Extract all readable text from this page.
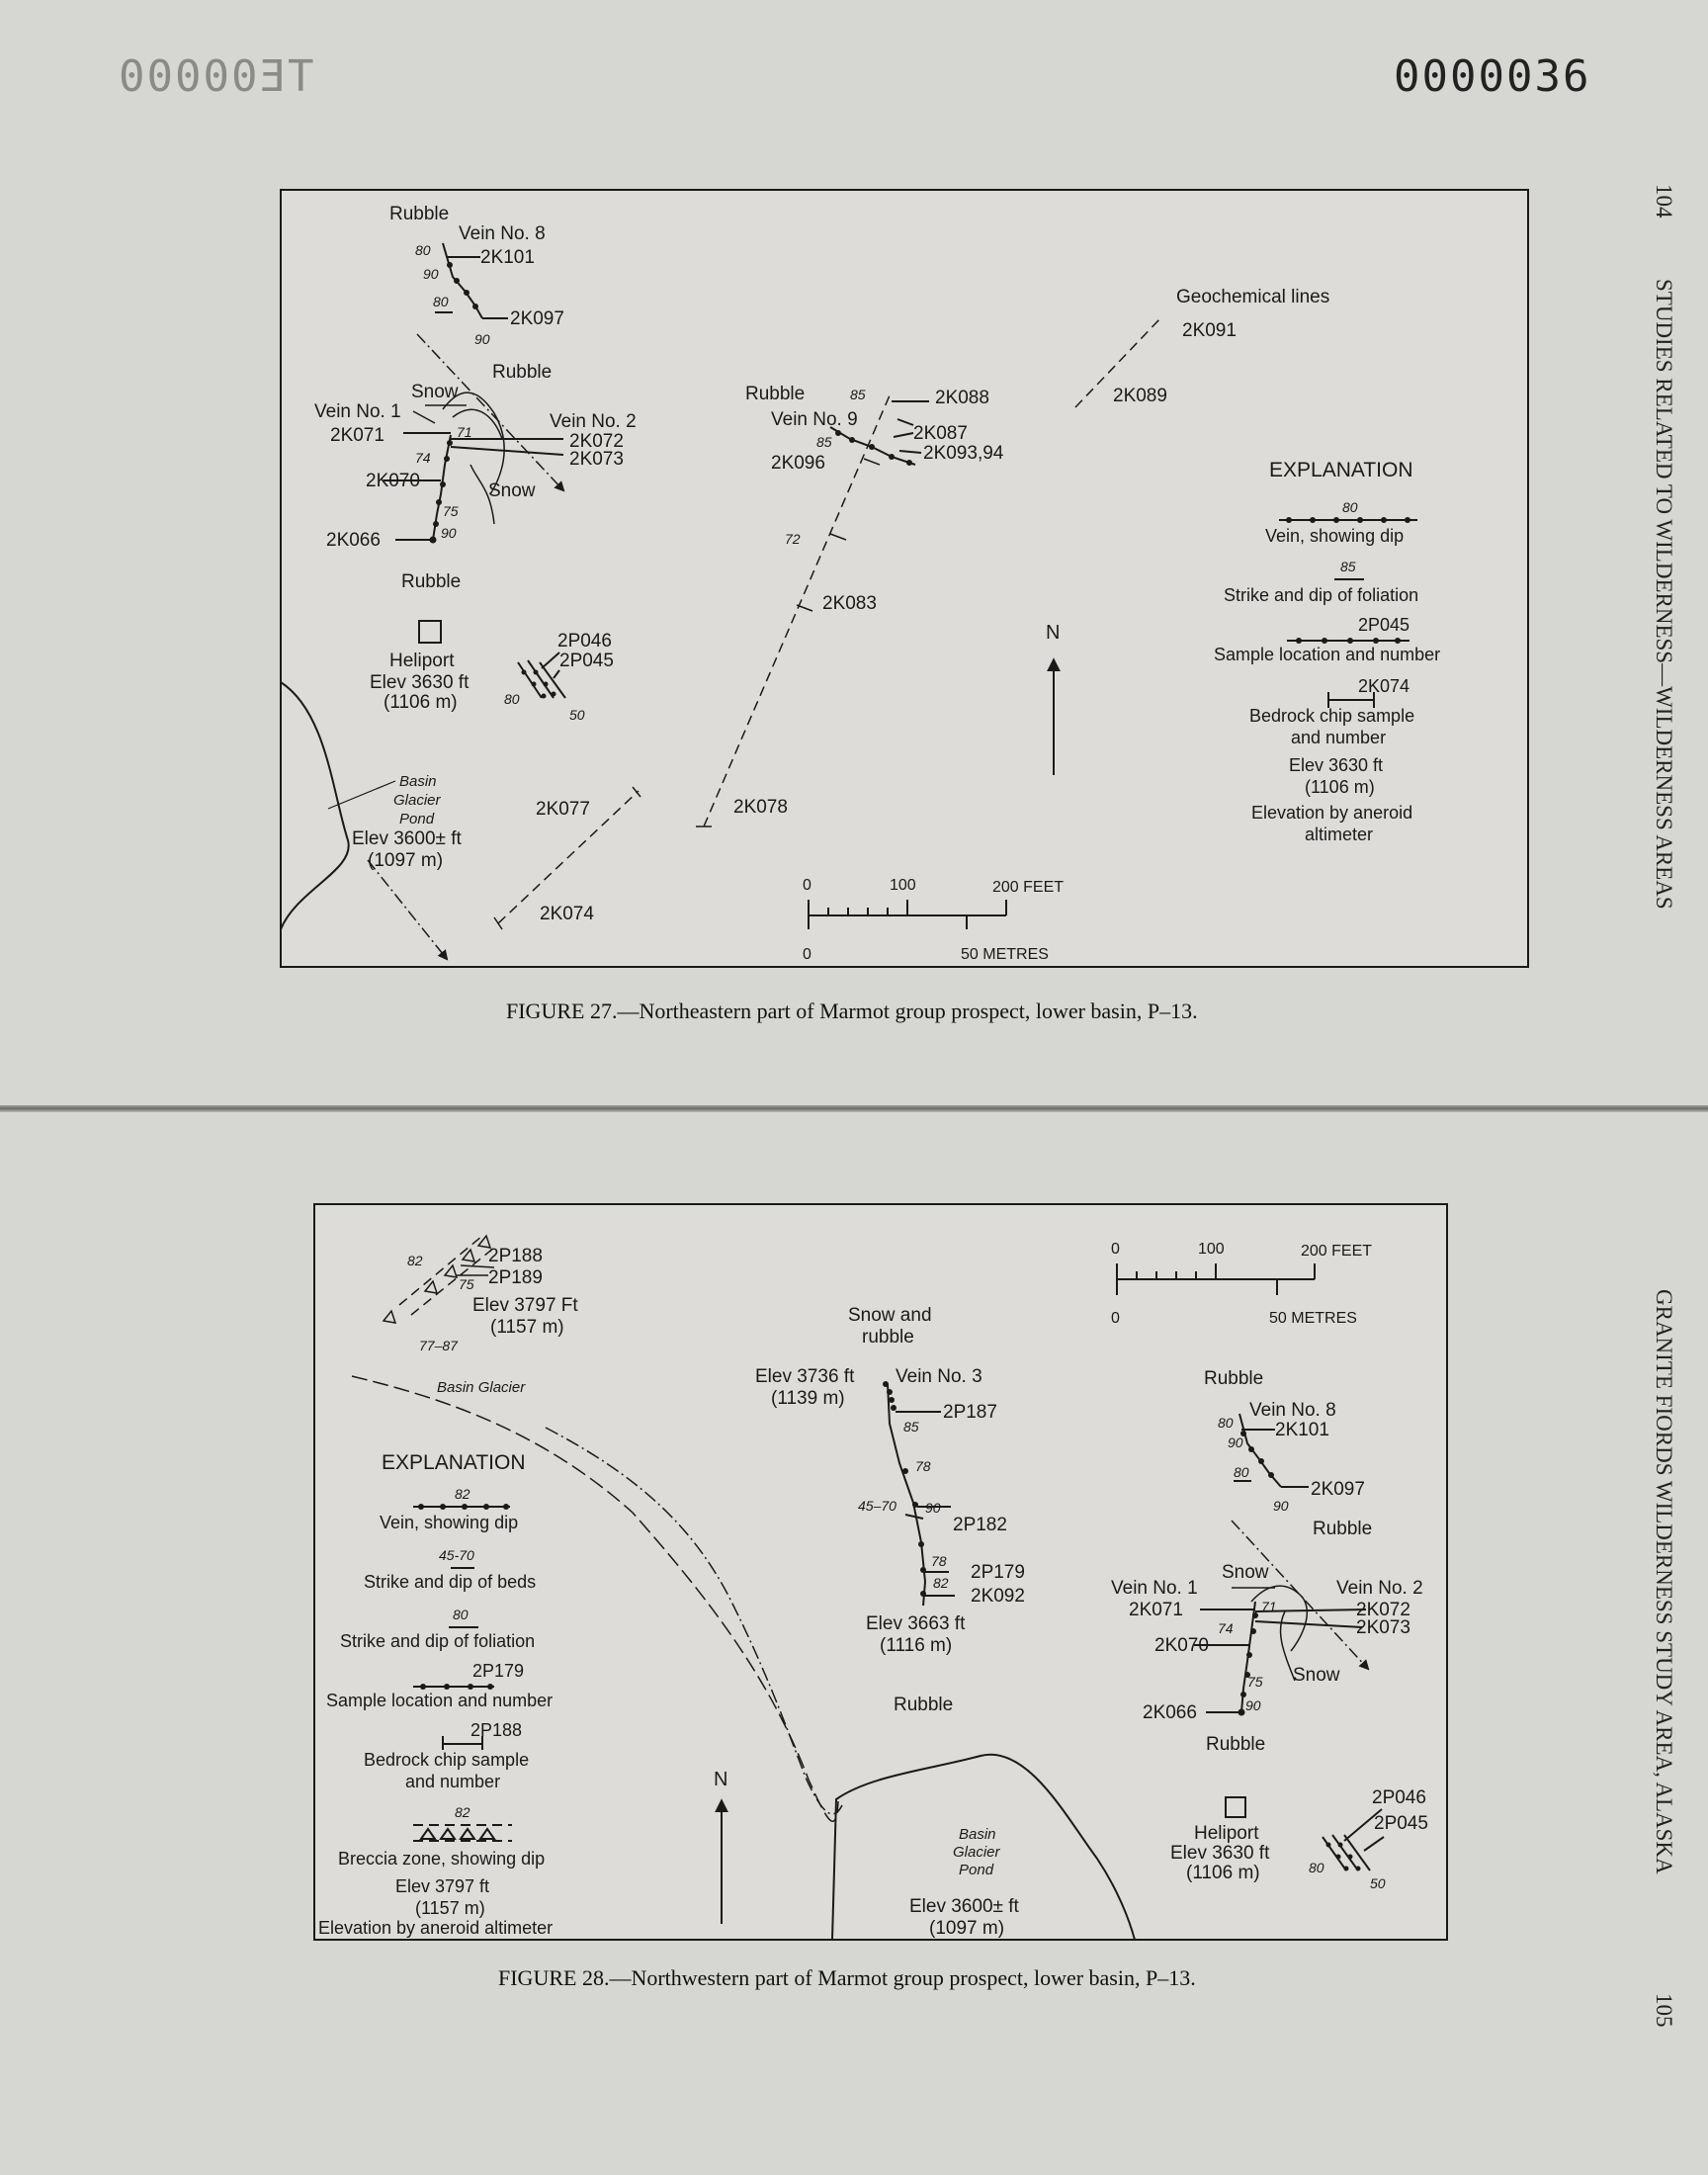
TE00000	0000036
104
STUDIES RELATED TO WILDERNESS—WILDERNESS AREAS
GRANITE FIORDS WILDERNESS STUDY AREA, ALASKA
105
Rubble
Vein No. 8
2K101
2K097
Rubble
Snow
Vein No. 1	Vein No. 2
2K071	2K072
2K073
2K070	Snow
2K066
Rubble
Heliport
Elev 3630 ft
(1106 m)
2P046
2P045
Basin
Glacier
Pond
Elev 3600± ft
(1097 m)
2K077
2K074
2K078
2K083
Rubble
Vein No. 9
2K088
2K087
2K096	2K093,94
Geochemical lines
2K091
2K089
N
80
90
80
90
71
74
75
90
80
50
85
85
72
0	100	200 FEET
0	50 METRES
EXPLANATION
80
Vein, showing dip
85
Strike and dip of foliation
2P045
Sample location and number
2K074
Bedrock chip sample
and number
Elev 3630 ft
(1106 m)
Elevation by aneroid
altimeter
2P188
2P189
Elev 3797 Ft
(1157 m)
Basin Glacier
Snow and
rubble
Elev 3736 ft
(1139 m)
Vein No. 3
2P187
2P182
2P179
2K092
Elev 3663 ft
(1116 m)
Rubble
Rubble
Vein No. 8
2K101
2K097
Rubble
Snow
Vein No. 1	Vein No. 2
2K071	2K072
2K073
2K070
Snow
2K066
Rubble
Heliport
Elev 3630 ft
(1106 m)
2P046
2P045
Basin
Glacier
Pond
Elev 3600± ft
(1097 m)
N
82
75
77–87
85
78
45–70 90
78
82
80
90
80
90
71
74
75
90
80
50
0	100	200 FEET
0	50 METRES
EXPLANATION
82
Vein, showing dip
45-70
Strike and dip of beds
80
Strike and dip of foliation
2P179
Sample location and number
2P188
Bedrock chip sample
and number
82
Breccia zone, showing dip
Elev 3797 ft
(1157 m)
Elevation by aneroid altimeter
FIGURE 27.—Northeastern part of Marmot group prospect, lower basin, P–13.
FIGURE 28.—Northwestern part of Marmot group prospect, lower basin, P–13.
